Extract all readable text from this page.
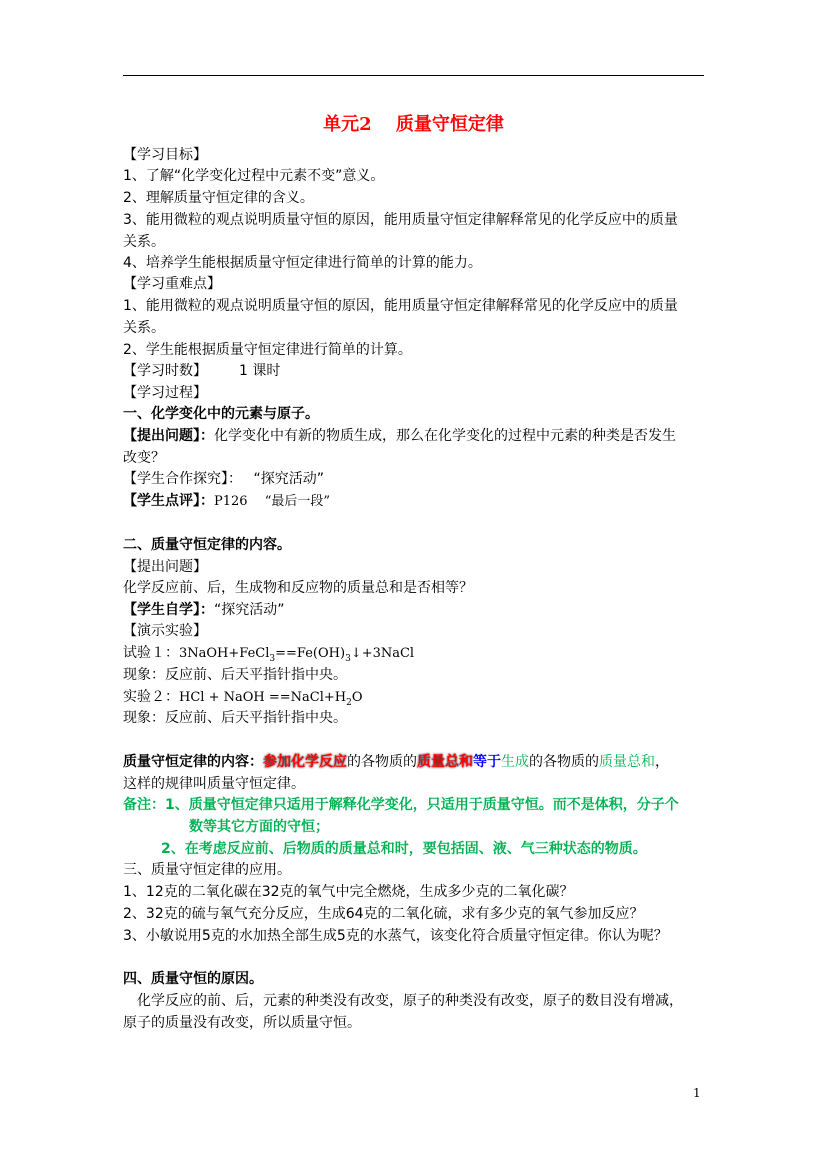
单元2　 质量守恒定律
【学习目标】
1、了解“化学变化过程中元素不变”意义。
2、理解质量守恒定律的含义。
3、能用微粒的观点说明质量守恒的原因，能用质量守恒定律解释常见的化学反应中的质量
关系。
4、培养学生能根据质量守恒定律进行简单的计算的能力。
【学习重难点】
1、能用微粒的观点说明质量守恒的原因，能用质量守恒定律解释常见的化学反应中的质量
关系。
2、学生能根据质量守恒定律进行简单的计算。
【学习时数】 1 课时
【学习过程】
一、化学变化中的元素与原子。
【提出问题】：化学变化中有新的物质生成，那么在化学变化的过程中元素的种类是否发生
改变？
【学生合作探究】：　 “探究活动”
【学生点评】：P126 　“最后一段”
二、质量守恒定律的内容。
【提出问题】
化学反应前、后，生成物和反应物的质量总和是否相等？
【学生自学】：“探究活动”
【演示实验】
试验１：$3NaOH+FeCl_3==Fe(OH)_3↓+3NaCl$
现象：反应前、后天平指针指中央。
实验２：HCl + NaOH $==NaCl+H_2O$
现象：反应前、后天平指针指中央。
质量守恒定律的内容：参加化学反应的各物质的质量总和等于生成的各物质的质量总和，
这样的规律叫质量守恒定律。
备注：1、质量守恒定律只适用于解释化学变化，只适用于质量守恒。而不是体积，分子个
数等其它方面的守恒；
2、在考虑反应前、后物质的质量总和时，要包括固、液、气三种状态的物质。
三、质量守恒定律的应用。
1、12克的二氧化碳在32克的氧气中完全燃烧，生成多少克的二氧化碳？
2、32克的硫与氧气充分反应，生成64克的二氧化硫，求有多少克的氧气参加反应？
3、小敏说用5克的水加热全部生成5克的水蒸气，该变化符合质量守恒定律。你认为呢？
四、质量守恒的原因。
　化学反应的前、后，元素的种类没有改变，原子的种类没有改变，原子的数目没有增减，
原子的质量没有改变，所以质量守恒。
1
